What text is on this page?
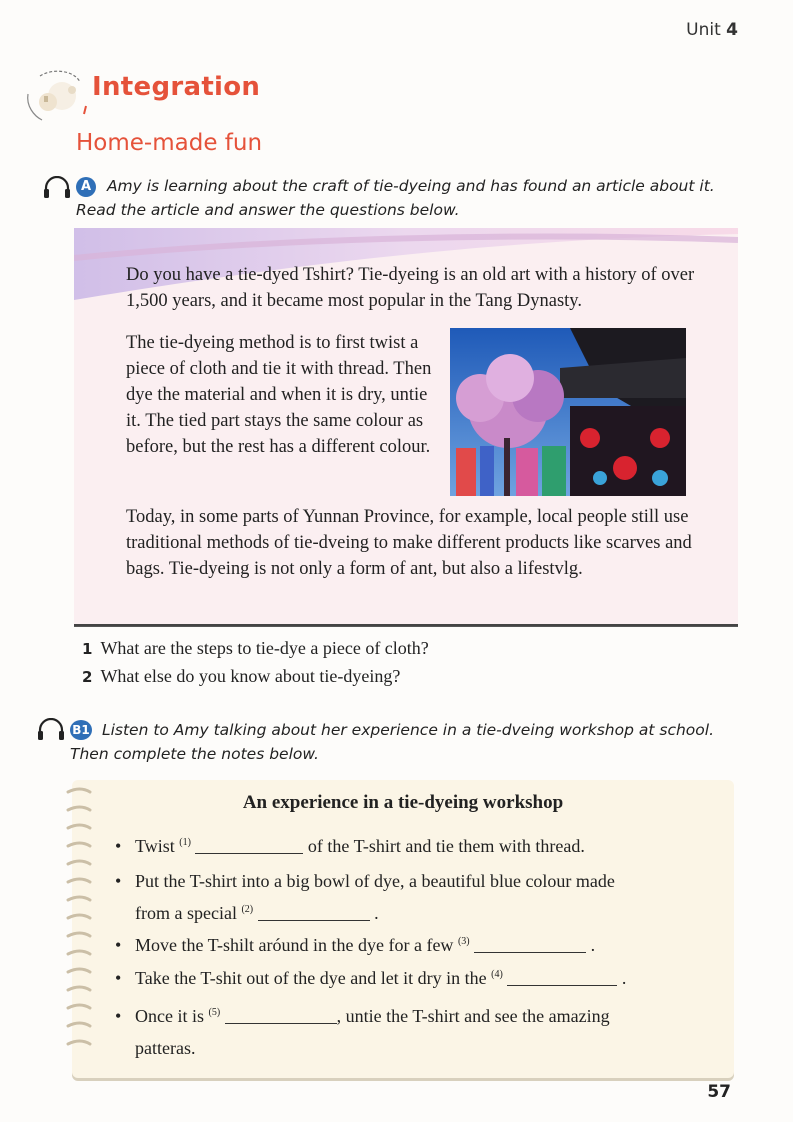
Unit 4
Integration
Home-made fun
A Amy is learning about the craft of tie-dyeing and has found an article about it. Read the article and answer the questions below.
Do you have a tie-dyed Tshirt? Tie-dyeing is an old art with a history of over 1,500 years, and it became most popular in the Tang Dynasty.
The tie-dyeing method is to first twist a piece of cloth and tie it with thread. Then dye the material and when it is dry, untie it. The tied part stays the same colour as before, but the rest has a different colour.
Today, in some parts of Yunnan Province, for example, local people still use traditional methods of tie-dveing to make different products like scarves and bags. Tie-dyeing is not only a form of ant, but also a lifestvlg.
1 What are the steps to tie-dye a piece of cloth?
2 What else do you know about tie-dyeing?
B1 Listen to Amy talking about her experience in a tie-dveing workshop at school. Then complete the notes below.
An experience in a tie-dyeing workshop
• Twist $^{(1)}$	of the T-shirt and tie them with thread.
• Put the T-shirt into a big bowl of dye, a beautiful blue colour made
from a special $^{(2)}$	.
• Move the T-shilt aróund in the dye for a few $^{(3)}$	.
• Take the T-shit out of the dye and let it dry in the $^{(4)}$	.
• Once it is $^{(5)}$	, untie the T-shirt and see the amazing
patteras.
57
